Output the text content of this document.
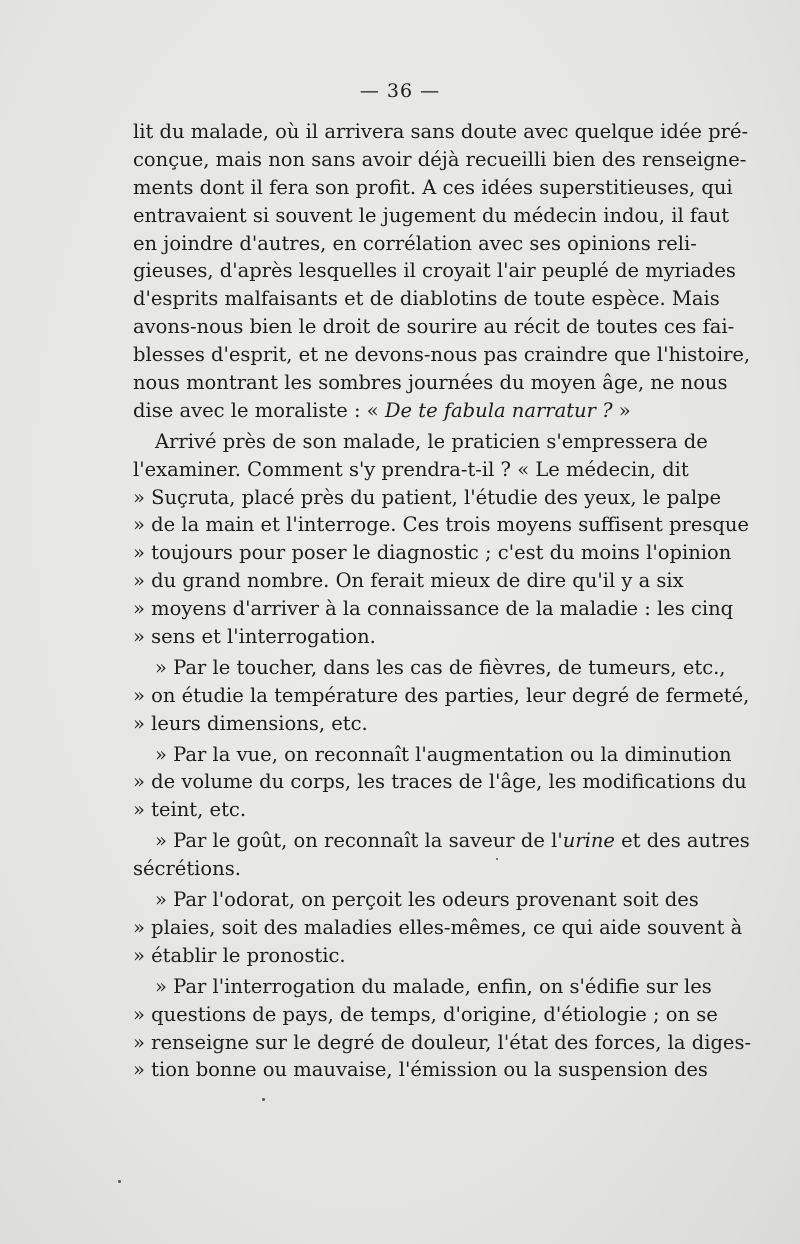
— 36 —
lit du malade, où il arrivera sans doute avec quelque idée pré-
conçue, mais non sans avoir déjà recueilli bien des renseigne-
ments dont il fera son profit. A ces idées superstitieuses, qui
entravaient si souvent le jugement du médecin indou, il faut
en joindre d'autres, en corrélation avec ses opinions reli-
gieuses, d'après lesquelles il croyait l'air peuplé de myriades
d'esprits malfaisants et de diablotins de toute espèce. Mais
avons-nous bien le droit de sourire au récit de toutes ces fai-
blesses d'esprit, et ne devons-nous pas craindre que l'histoire,
nous montrant les sombres journées du moyen âge, ne nous
dise avec le moraliste : « De te fabula narratur ? »
Arrivé près de son malade, le praticien s'empressera de
l'examiner. Comment s'y prendra-t-il ? « Le médecin, dit
» Suçruta, placé près du patient, l'étudie des yeux, le palpe
» de la main et l'interroge. Ces trois moyens suffisent presque
» toujours pour poser le diagnostic ; c'est du moins l'opinion
» du grand nombre. On ferait mieux de dire qu'il y a six
» moyens d'arriver à la connaissance de la maladie : les cinq
» sens et l'interrogation.
» Par le toucher, dans les cas de fièvres, de tumeurs, etc.,
» on étudie la température des parties, leur degré de fermeté,
» leurs dimensions, etc.
» Par la vue, on reconnaît l'augmentation ou la diminution
» de volume du corps, les traces de l'âge, les modifications du
» teint, etc.
» Par le goût, on reconnaît la saveur de l'urine et des autres
sécrétions.
» Par l'odorat, on perçoit les odeurs provenant soit des
» plaies, soit des maladies elles-mêmes, ce qui aide souvent à
» établir le pronostic.
» Par l'interrogation du malade, enfin, on s'édifie sur les
» questions de pays, de temps, d'origine, d'étiologie ; on se
» renseigne sur le degré de douleur, l'état des forces, la diges-
» tion bonne ou mauvaise, l'émission ou la suspension des
